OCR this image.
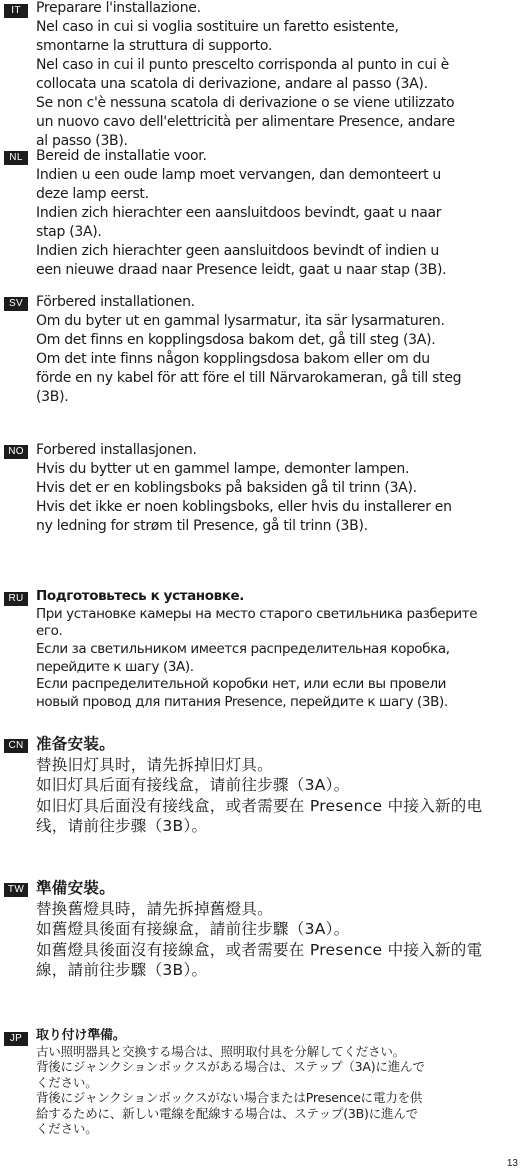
IT	Preparare l'installazione.
Nel caso in cui si voglia sostituire un faretto esistente,
smontarne la struttura di supporto.
Nel caso in cui il punto prescelto corrisponda al punto in cui è
collocata una scatola di derivazione, andare al passo (3A).
Se non c'è nessuna scatola di derivazione o se viene utilizzato
un nuovo cavo dell'elettricità per alimentare Presence, andare
al passo (3B).
NL Bereid de installatie voor.
Indien u een oude lamp moet vervangen, dan demonteert u
deze lamp eerst.
Indien zich hierachter een aansluitdoos bevindt, gaat u naar
stap (3A).
Indien zich hierachter geen aansluitdoos bevindt of indien u
een nieuwe draad naar Presence leidt, gaat u naar stap (3B).
SV Förbered installationen.
Om du byter ut en gammal lysarmatur, ita sär lysarmaturen.
Om det finns en kopplingsdosa bakom det, gå till steg (3A).
Om det inte finns någon kopplingsdosa bakom eller om du
förde en ny kabel för att före el till Närvarokameran, gå till steg
(3B).
NO Forbered installasjonen.
Hvis du bytter ut en gammel lampe, demonter lampen.
Hvis det er en koblingsboks på baksiden gå til trinn (3A).
Hvis det ikke er noen koblingsboks, eller hvis du installerer en
ny ledning for strøm til Presence, gå til trinn (3B).
RU Подготовьтесь к установке.
При установке камеры на место старого светильника разберите
его.
Если за светильником имеется распределительная коробка,
перейдите к шагу (3A).
Если распределительной коробки нет, или если вы провели
новый провод для питания Presence, перейдите к шагу (3B).
CN 准备安装。
替换旧灯具时，请先拆掉旧灯具。
如旧灯具后面有接线盒，请前往步骤（3A）。
如旧灯具后面没有接线盒，或者需要在 Presence 中接入新的电
线，请前往步骤（3B）。
TW 準備安裝。
替換舊燈具時，請先拆掉舊燈具。
如舊燈具後面有接線盒，請前往步驟（3A）。
如舊燈具後面沒有接線盒，或者需要在 Presence 中接入新的電
線，請前往步驟（3B）。
JP	取り付け準備。
古い照明器具と交換する場合は、照明取付具を分解してください。
背後にジャンクションボックスがある場合は、ステップ（3A)に進んで
ください。
背後にジャンクションボックスがない場合またはPresenceに電力を供
給するために、新しい電線を配線する場合は、ステップ(3B)に進んで
ください。
13
